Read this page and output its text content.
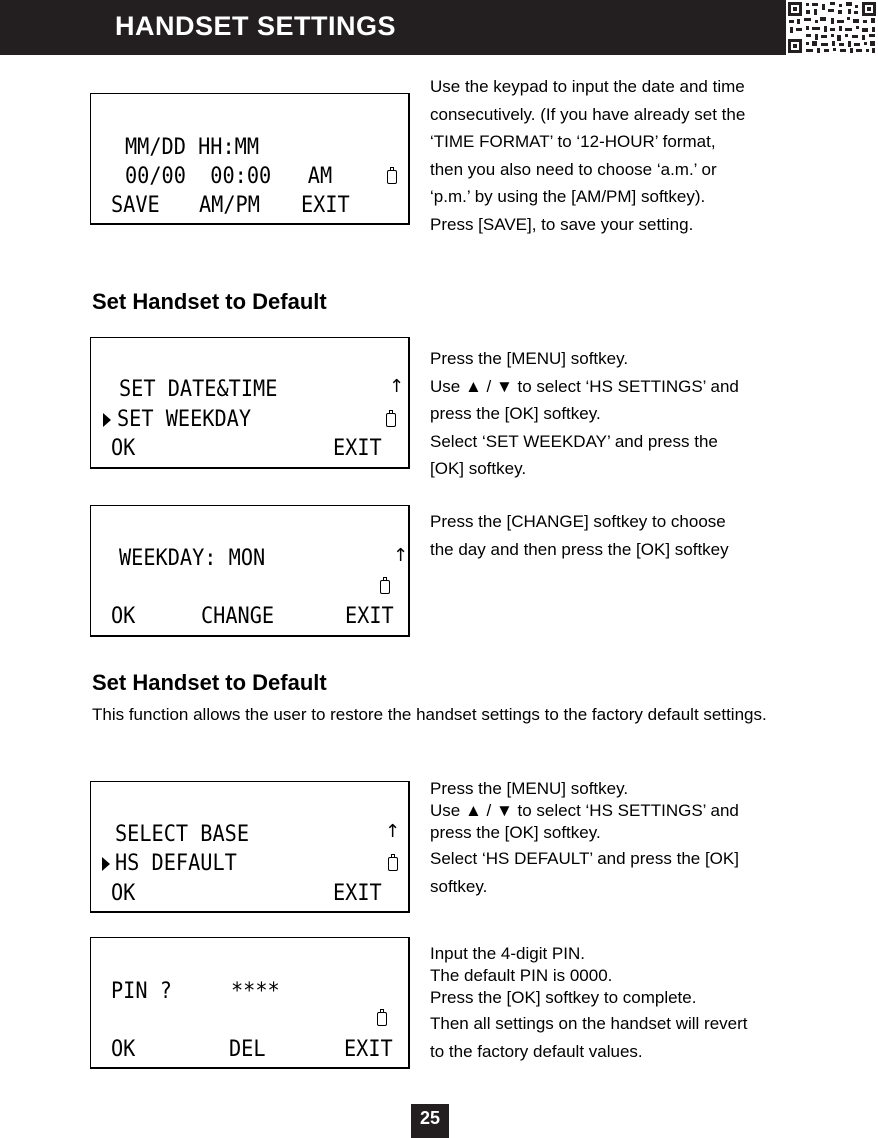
HANDSET SETTINGS
MM/DD HH:MM
00/00  00:00   AM
SAVE AM/PM EXIT
Use the keypad to input the date and time
consecutively. (If you have already set the
‘TIME FORMAT’ to ‘12-HOUR’ format,
then you also need to choose ‘a.m.’ or
‘p.m.’ by using the [AM/PM] softkey).
Press [SAVE], to save your setting.
Set Handset to Default
SET DATE&TIME	↑
SET WEEKDAY
OK	EXIT
Press the [MENU] softkey.
Use ▲ / ▼ to select ‘HS SETTINGS’ and
press the [OK] softkey.
Select ‘SET WEEKDAY’ and press the
[OK] softkey.
WEEKDAY: MON	↑
OK	CHANGE	EXIT
Press the [CHANGE] softkey to choose
the day and then press the [OK] softkey
Set Handset to Default
This function allows the user to restore the handset settings to the factory default settings.
SELECT BASE	↑
HS DEFAULT
OK	EXIT
Press the [MENU] softkey.
Use ▲ / ▼ to select ‘HS SETTINGS’ and
press the [OK] softkey.
Select ‘HS DEFAULT’ and press the [OK]
softkey.
PIN ?	****
OK	DEL	EXIT
Input the 4-digit PIN.
The default PIN is 0000.
Press the [OK] softkey to complete.
Then all settings on the handset will revert
to the factory default values.
25
